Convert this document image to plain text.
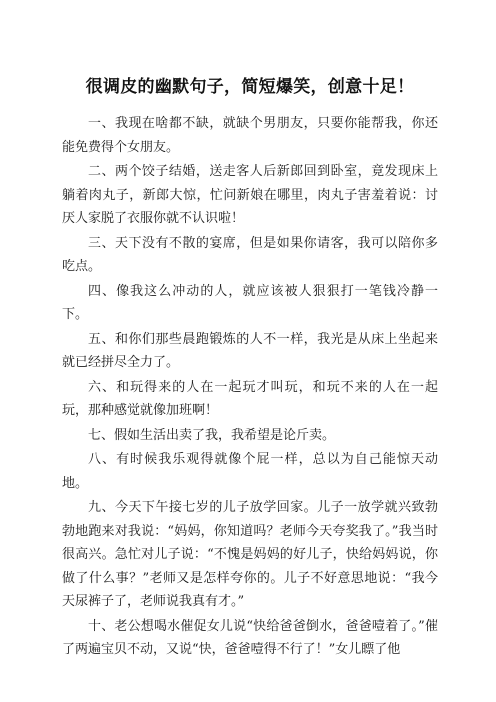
很调皮的幽默句子，简短爆笑，创意十足！

一、我现在啥都不缺，就缺个男朋友，只要你能帮我，你还能免费得个女朋友。

二、两个饺子结婚，送走客人后新郎回到卧室，竟发现床上躺着肉丸子，新郎大惊，忙问新娘在哪里，肉丸子害羞着说：讨厌人家脱了衣服你就不认识啦！

三、天下没有不散的宴席，但是如果你请客，我可以陪你多吃点。

四、像我这么冲动的人，就应该被人狠狠打一笔钱冷静一下。

五、和你们那些晨跑锻炼的人不一样，我光是从床上坐起来就已经拼尽全力了。

六、和玩得来的人在一起玩才叫玩，和玩不来的人在一起玩，那种感觉就像加班啊！

七、假如生活出卖了我，我希望是论斤卖。

八、有时候我乐观得就像个屁一样，总以为自己能惊天动地。

九、今天下午接七岁的儿子放学回家。儿子一放学就兴致勃勃地跑来对我说：“妈妈，你知道吗？老师今天夸奖我了。”我当时很高兴。急忙对儿子说：“不愧是妈妈的好儿子，快给妈妈说，你做了什么事？”老师又是怎样夸你的。儿子不好意思地说：“我今天尿裤子了，老师说我真有才。”

十、老公想喝水催促女儿说“快给爸爸倒水，爸爸噎着了。”催了两遍宝贝不动，又说“快，爸爸噎得不行了！”女儿瞟了他
